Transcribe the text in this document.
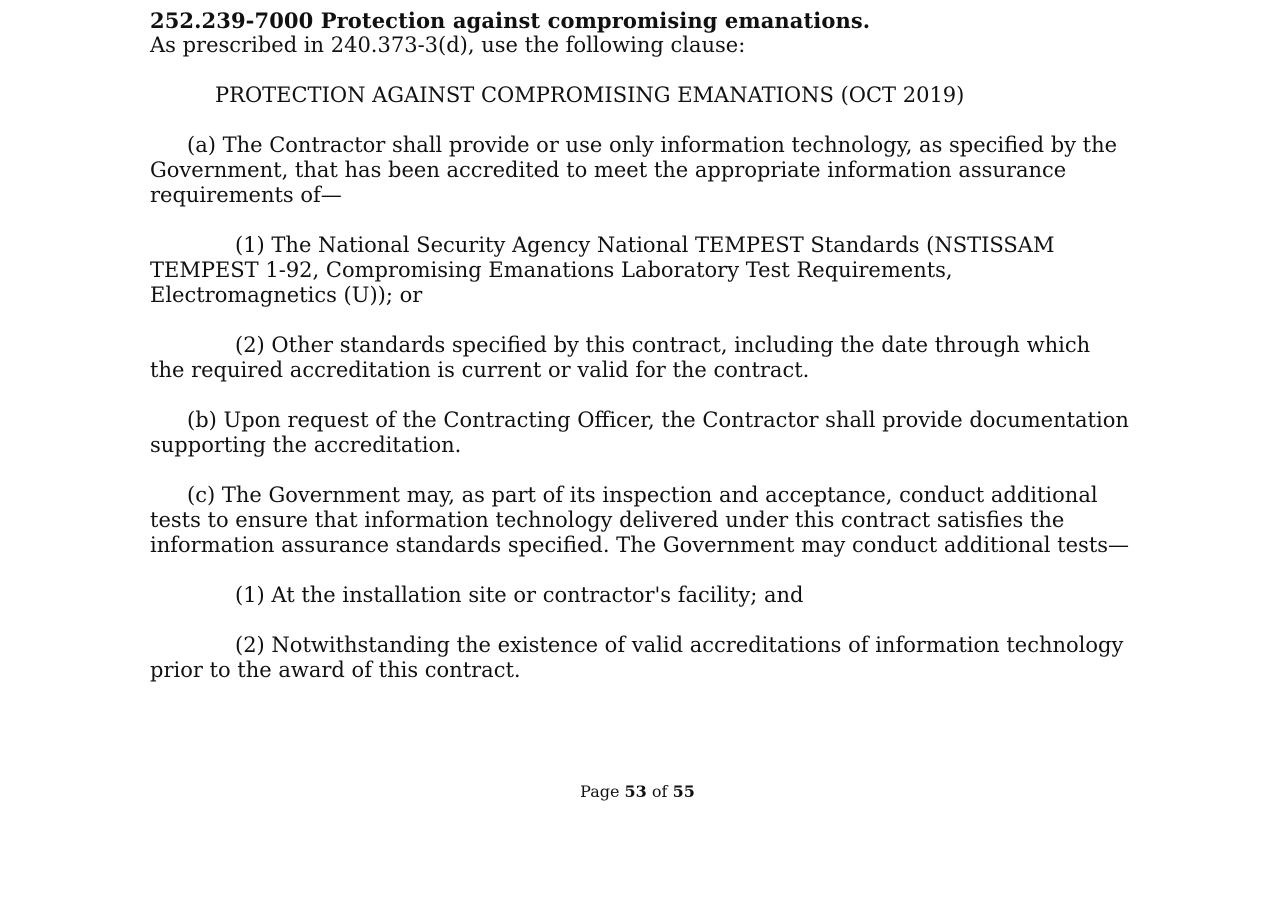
252.239-7000 Protection against compromising emanations.

As prescribed in 240.373-3(d), use the following clause:

PROTECTION AGAINST COMPROMISING EMANATIONS (OCT 2019)

(a) The Contractor shall provide or use only information technology, as specified by the Government, that has been accredited to meet the appropriate information assurance requirements of—

(1) The National Security Agency National TEMPEST Standards (NSTISSAM TEMPEST 1-92, Compromising Emanations Laboratory Test Requirements, Electromagnetics (U)); or

(2) Other standards specified by this contract, including the date through which the required accreditation is current or valid for the contract.

(b) Upon request of the Contracting Officer, the Contractor shall provide documentation supporting the accreditation.

(c) The Government may, as part of its inspection and acceptance, conduct additional tests to ensure that information technology delivered under this contract satisfies the information assurance standards specified. The Government may conduct additional tests—

(1) At the installation site or contractor's facility; and

(2) Notwithstanding the existence of valid accreditations of information technology prior to the award of this contract.

Page 53 of 55
